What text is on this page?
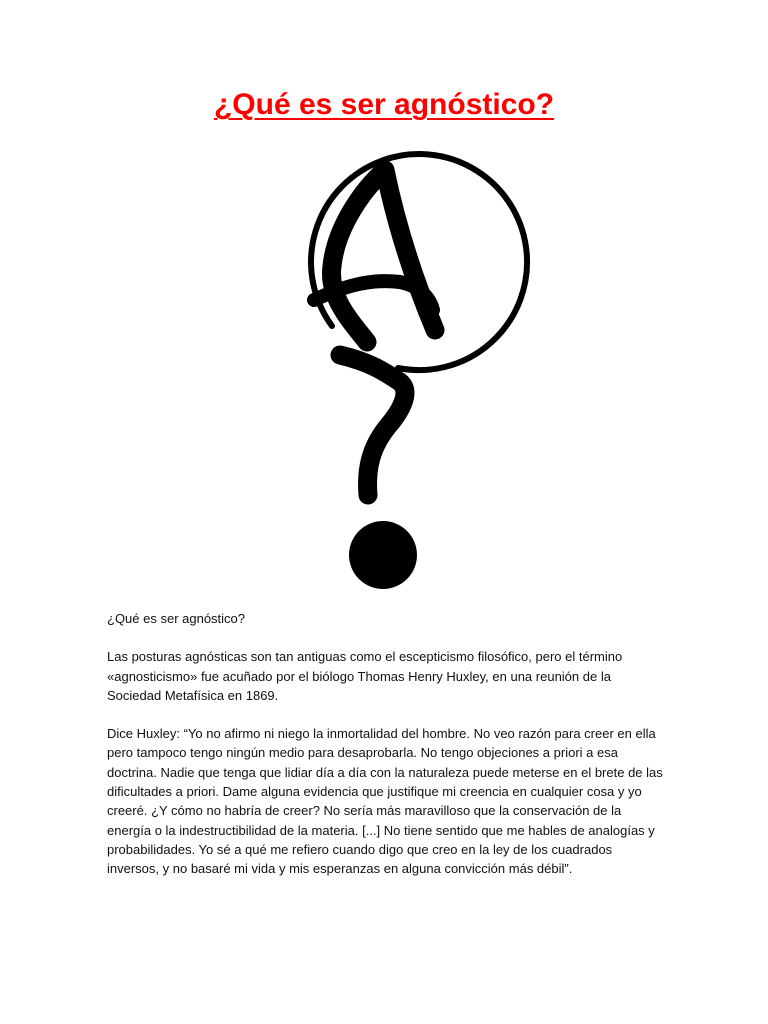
¿Qué es ser agnóstico?

¿Qué es ser agnóstico?

Las posturas agnósticas son tan antiguas como el escepticismo filosófico, pero el término «agnosticismo» fue acuñado por el biólogo Thomas Henry Huxley, en una reunión de la Sociedad Metafísica en 1869.

Dice Huxley: “Yo no afirmo ni niego la inmortalidad del hombre. No veo razón para creer en ella pero tampoco tengo ningún medio para desaprobarla. No tengo objeciones a priori a esa doctrina. Nadie que tenga que lidiar día a día con la naturaleza puede meterse en el brete de las dificultades a priori. Dame alguna evidencia que justifique mi creencia en cualquier cosa y yo creeré. ¿Y cómo no habría de creer? No sería más maravilloso que la conservación de la energía o la indestructibilidad de la materia. [...] No tiene sentido que me hables de analogías y probabilidades. Yo sé a qué me refiero cuando digo que creo en la ley de los cuadrados inversos, y no basaré mi vida y mis esperanzas en alguna convicción más débil”.
